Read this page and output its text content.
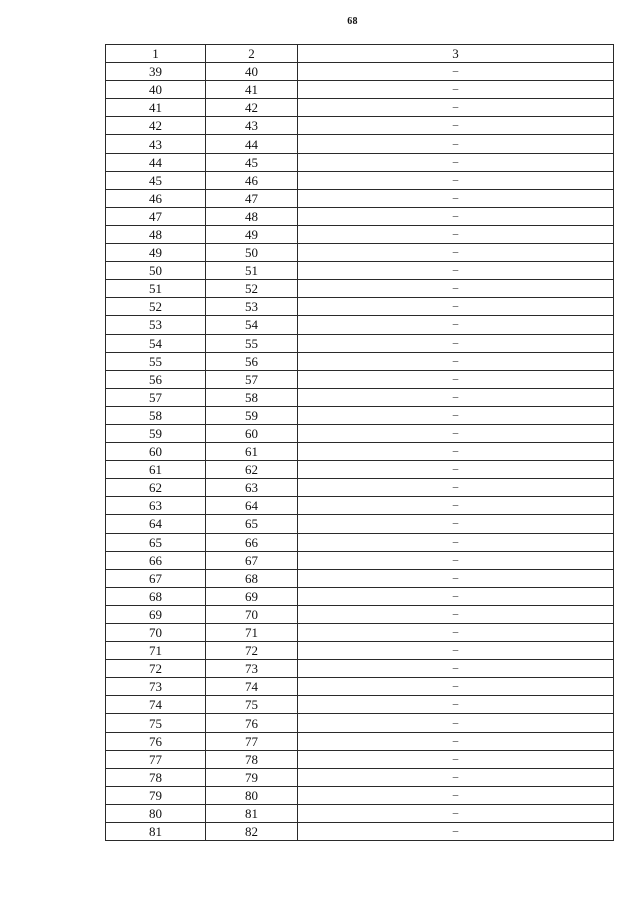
68
1	2	3
39	40	–
40	41	–
41	42	–
42	43	–
43	44	–
44	45	–
45	46	–
46	47	–
47	48	–
48	49	–
49	50	–
50	51	–
51	52	–
52	53	–
53	54	–
54	55	–
55	56	–
56	57	–
57	58	–
58	59	–
59	60	–
60	61	–
61	62	–
62	63	–
63	64	–
64	65	–
65	66	–
66	67	–
67	68	–
68	69	–
69	70	–
70	71	–
71	72	–
72	73	–
73	74	–
74	75	–
75	76	–
76	77	–
77	78	–
78	79	–
79	80	–
80	81	–
81	82	–
